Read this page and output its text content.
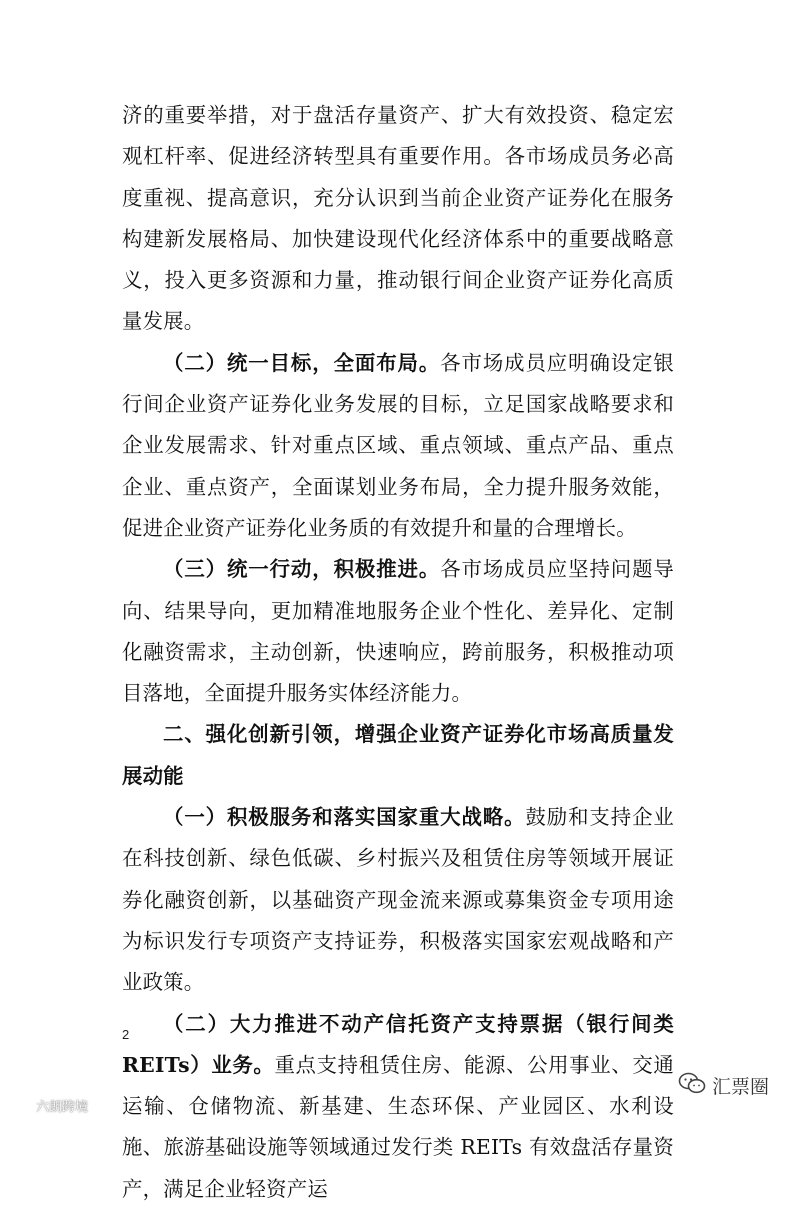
济的重要举措，对于盘活存量资产、扩大有效投资、稳定宏观杠杆率、促进经济转型具有重要作用。各市场成员务必高度重视、提高意识，充分认识到当前企业资产证券化在服务构建新发展格局、加快建设现代化经济体系中的重要战略意义，投入更多资源和力量，推动银行间企业资产证券化高质量发展。

（二）统一目标，全面布局。各市场成员应明确设定银行间企业资产证券化业务发展的目标，立足国家战略要求和企业发展需求、针对重点区域、重点领域、重点产品、重点企业、重点资产，全面谋划业务布局，全力提升服务效能，促进企业资产证券化业务质的有效提升和量的合理增长。

（三）统一行动，积极推进。各市场成员应坚持问题导向、结果导向，更加精准地服务企业个性化、差异化、定制化融资需求，主动创新，快速响应，跨前服务，积极推动项目落地，全面提升服务实体经济能力。

二、强化创新引领，增强企业资产证券化市场高质量发展动能

（一）积极服务和落实国家重大战略。鼓励和支持企业在科技创新、绿色低碳、乡村振兴及租赁住房等领域开展证券化融资创新，以基础资产现金流来源或募集资金专项用途为标识发行专项资产支持证券，积极落实国家宏观战略和产业政策。

（二）大力推进不动产信托资产支持票据（银行间类 REITs）业务。重点支持租赁住房、能源、公用事业、交通运输、仓储物流、新基建、生态环保、产业园区、水利设施、旅游基础设施等领域通过发行类 REITs 有效盘活存量资产，满足企业轻资产运

2
六朗跨境
汇票圈
